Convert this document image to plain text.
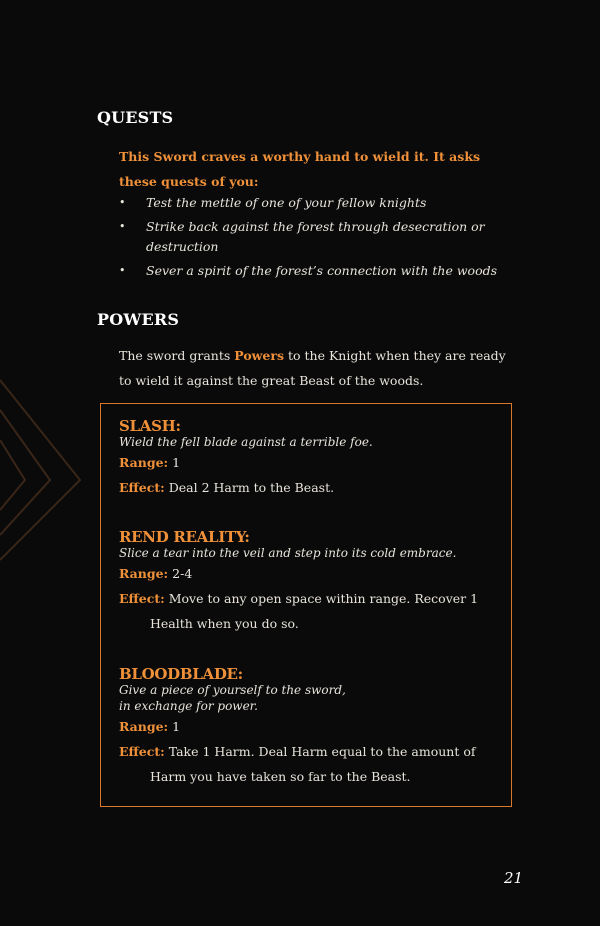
QUESTS
This Sword craves a worthy hand to wield it. It asks these quests of you:
• Test the mettle of one of your fellow knights
• Strike back against the forest through desecration or destruction
• Sever a spirit of the forest’s connection with the woods
POWERS
The sword grants Powers to the Knight when they are ready to wield it against the great Beast of the woods.
SLASH:
Wield the fell blade against a terrible foe.
Range: 1
Effect: Deal 2 Harm to the Beast.
REND REALITY:
Slice a tear into the veil and step into its cold embrace.
Range: 2-4
Effect: Move to any open space within range. Recover 1 Health when you do so.
BLOODBLADE:
Give a piece of yourself to the sword,
in exchange for power.
Range: 1
Effect: Take 1 Harm. Deal Harm equal to the amount of Harm you have taken so far to the Beast.
21
